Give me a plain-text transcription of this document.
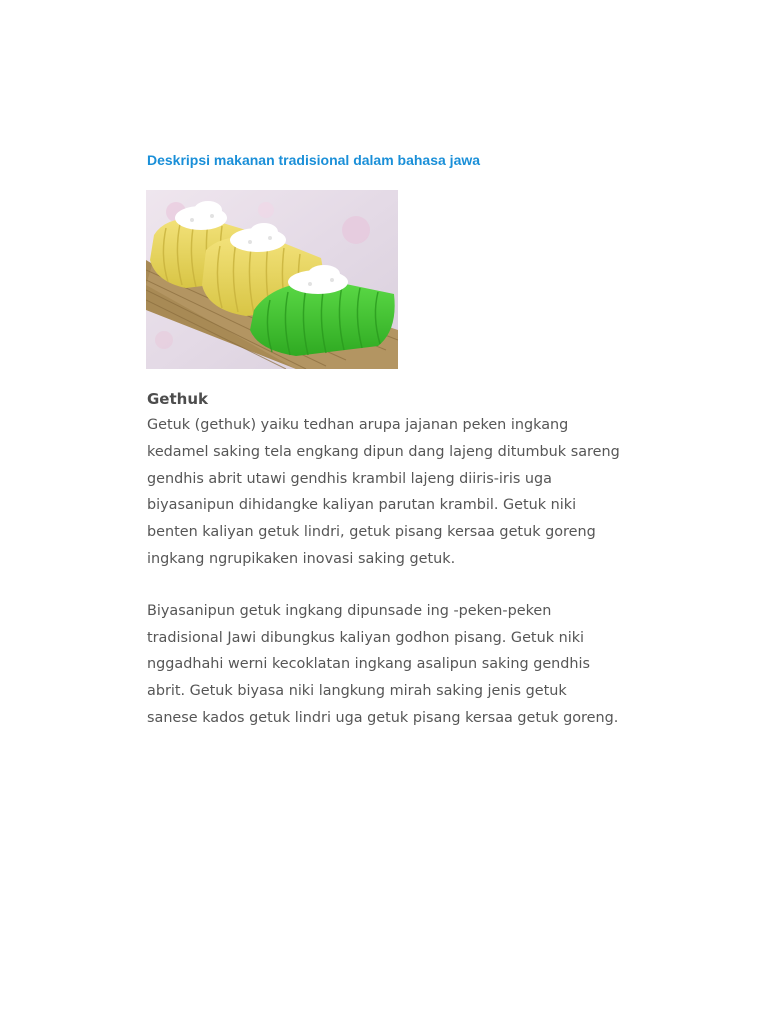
Deskripsi makanan tradisional dalam bahasa jawa
Gethuk

Getuk (gethuk) yaiku tedhan arupa jajanan peken ingkang
kedamel saking tela engkang dipun dang lajeng ditumbuk sareng
gendhis abrit utawi gendhis krambil lajeng diiris-iris uga
biyasanipun dihidangke kaliyan parutan krambil. Getuk niki
benten kaliyan getuk lindri, getuk pisang kersaa getuk goreng
ingkang ngrupikaken inovasi saking getuk.

Biyasanipun getuk ingkang dipunsade ing -peken-peken
tradisional Jawi dibungkus kaliyan godhon pisang. Getuk niki
nggadhahi werni kecoklatan ingkang asalipun saking gendhis
abrit. Getuk biyasa niki langkung mirah saking jenis getuk
sanese kados getuk lindri uga getuk pisang kersaa getuk goreng.
